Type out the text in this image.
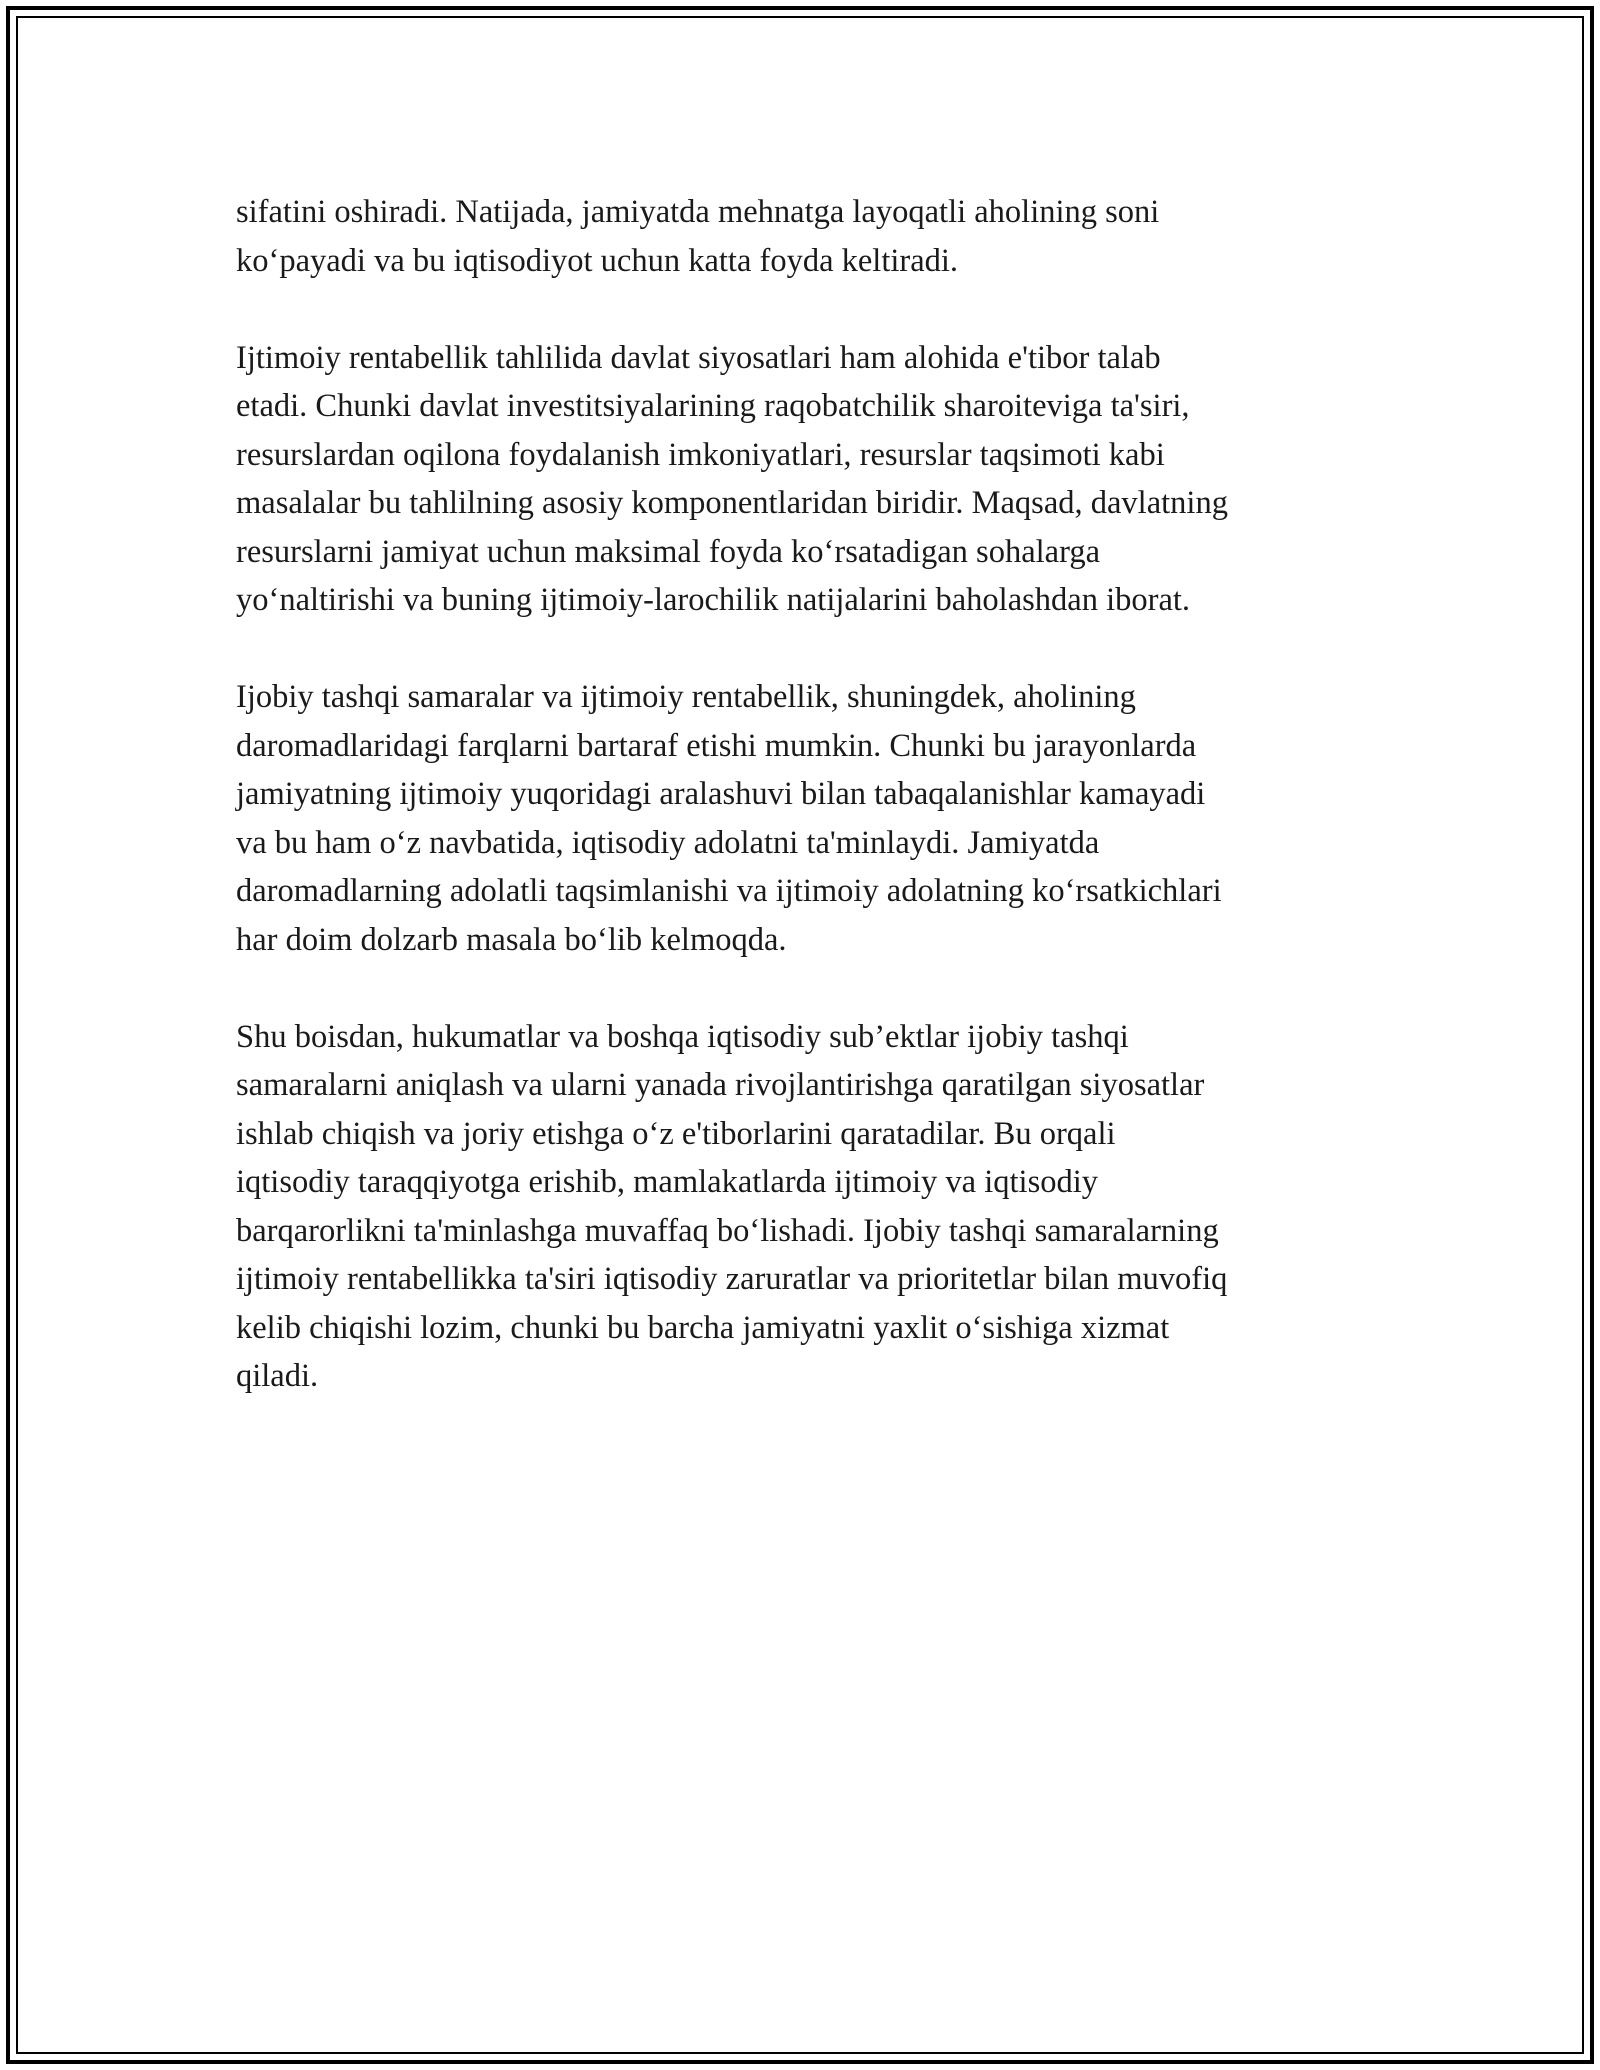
sifatini oshiradi. Natijada, jamiyatda mehnatga layoqatli aholining soni
ko‘payadi va bu iqtisodiyot uchun katta foyda keltiradi.

Ijtimoiy rentabellik tahlilida davlat siyosatlari ham alohida e'tibor talab
etadi. Chunki davlat investitsiyalarining raqobatchilik sharoiteviga ta'siri,
resurslardan oqilona foydalanish imkoniyatlari, resurslar taqsimoti kabi
masalalar bu tahlilning asosiy komponentlaridan biridir. Maqsad, davlatning
resurslarni jamiyat uchun maksimal foyda ko‘rsatadigan sohalarga
yo‘naltirishi va buning ijtimoiy-larochilik natijalarini baholashdan iborat.

Ijobiy tashqi samaralar va ijtimoiy rentabellik, shuningdek, aholining
daromadlaridagi farqlarni bartaraf etishi mumkin. Chunki bu jarayonlarda
jamiyatning ijtimoiy yuqoridagi aralashuvi bilan tabaqalanishlar kamayadi
va bu ham o‘z navbatida, iqtisodiy adolatni ta'minlaydi. Jamiyatda
daromadlarning adolatli taqsimlanishi va ijtimoiy adolatning ko‘rsatkichlari
har doim dolzarb masala bo‘lib kelmoqda.

Shu boisdan, hukumatlar va boshqa iqtisodiy sub’ektlar ijobiy tashqi
samaralarni aniqlash va ularni yanada rivojlantirishga qaratilgan siyosatlar
ishlab chiqish va joriy etishga o‘z e'tiborlarini qaratadilar. Bu orqali
iqtisodiy taraqqiyotga erishib, mamlakatlarda ijtimoiy va iqtisodiy
barqarorlikni ta'minlashga muvaffaq bo‘lishadi. Ijobiy tashqi samaralarning
ijtimoiy rentabellikka ta'siri iqtisodiy zaruratlar va prioritetlar bilan muvofiq
kelib chiqishi lozim, chunki bu barcha jamiyatni yaxlit o‘sishiga xizmat
qiladi.
